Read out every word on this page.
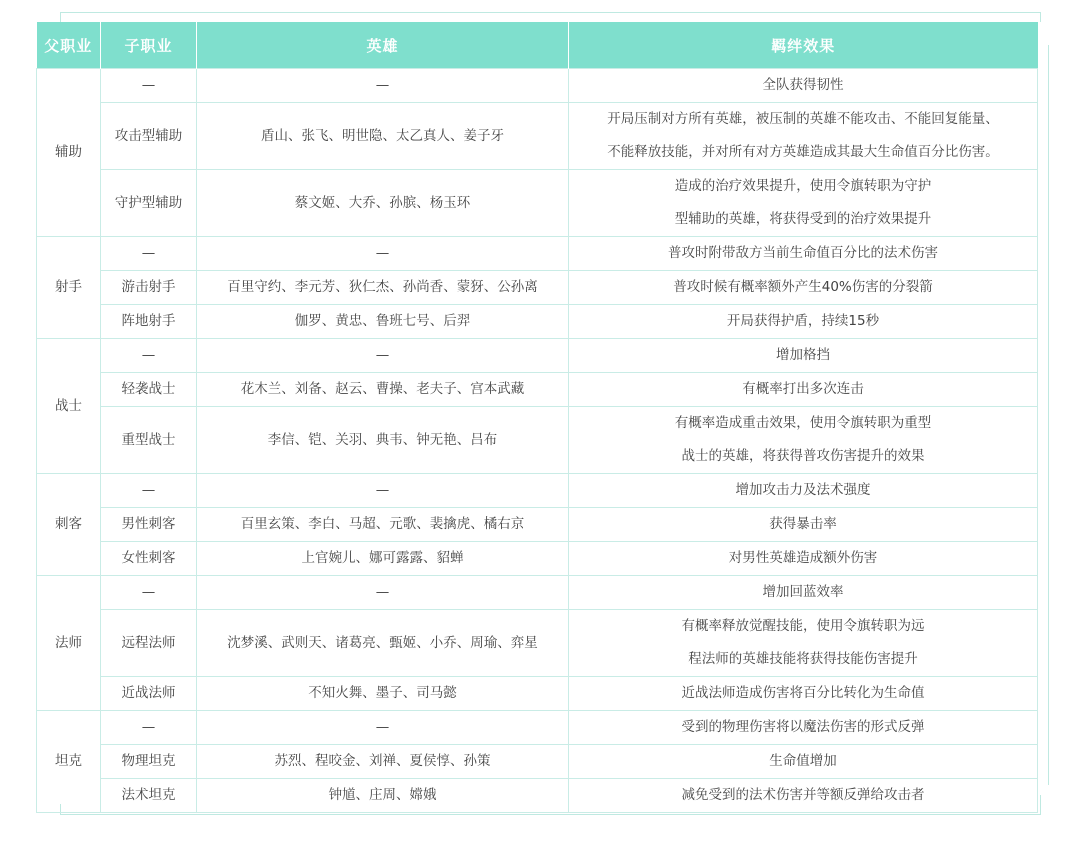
父职业	子职业	英雄	羁绊效果
辅助	—	—	全队获得韧性

	攻击型辅助	盾山、张飞、明世隐、太乙真人、姜子牙	开局压制对方所有英雄，被压制的英雄不能攻击、不能回复能量、
不能释放技能，并对所有对方英雄造成其最大生命值百分比伤害。

	守护型辅助	蔡文姬、大乔、孙膑、杨玉环	造成的治疗效果提升，使用令旗转职为守护
型辅助的英雄，将获得受到的治疗效果提升

射手	—	—	普攻时附带敌方当前生命值百分比的法术伤害

	游击射手	百里守约、李元芳、狄仁杰、孙尚香、蒙犽、公孙离	普攻时候有概率额外产生40%伤害的分裂箭

	阵地射手	伽罗、黄忠、鲁班七号、后羿	开局获得护盾，持续15秒

战士	—	—	增加格挡

	轻袭战士	花木兰、刘备、赵云、曹操、老夫子、宫本武藏	有概率打出多次连击

	重型战士	李信、铠、关羽、典韦、钟无艳、吕布	有概率造成重击效果，使用令旗转职为重型
战士的英雄，将获得普攻伤害提升的效果

刺客	—	—	增加攻击力及法术强度

	男性刺客	百里玄策、李白、马超、元歌、裴擒虎、橘右京	获得暴击率

	女性刺客	上官婉儿、娜可露露、貂蝉	对男性英雄造成额外伤害

法师	—	—	增加回蓝效率

	远程法师	沈梦溪、武则天、诸葛亮、甄姬、小乔、周瑜、弈星	有概率释放觉醒技能，使用令旗转职为远
程法师的英雄技能将获得技能伤害提升

	近战法师	不知火舞、墨子、司马懿	近战法师造成伤害将百分比转化为生命值

坦克	—	—	受到的物理伤害将以魔法伤害的形式反弹

	物理坦克	苏烈、程咬金、刘禅、夏侯惇、孙策	生命值增加

	法术坦克	钟馗、庄周、嫦娥	减免受到的法术伤害并等额反弹给攻击者
